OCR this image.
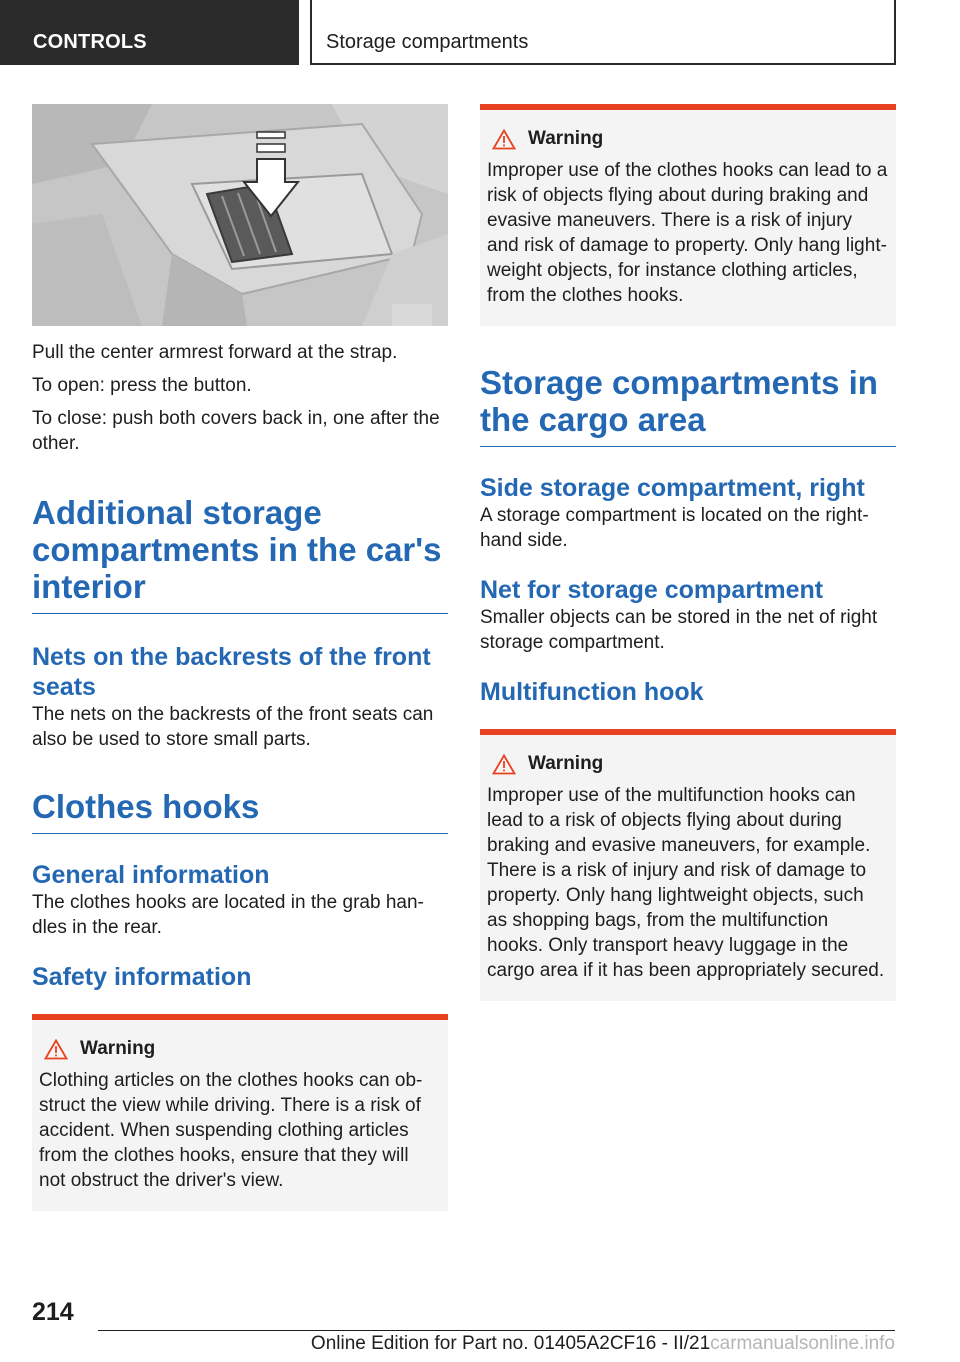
CONTROLS	Storage compartments

Pull the center armrest forward at the strap.

To open: press the button.

To close: push both covers back in, one after the other.

Additional storage compartments in the car's interior
Nets on the backrests of the front seats

The nets on the backrests of the front seats can also be used to store small parts.

Clothes hooks
General information

The clothes hooks are located in the grab han-dles in the rear.

Safety information
Warning

Clothing articles on the clothes hooks can ob-struct the view while driving. There is a risk of accident. When suspending clothing articles from the clothes hooks, ensure that they will not obstruct the driver's view.

Warning

Improper use of the clothes hooks can lead to a risk of objects flying about during braking and evasive maneuvers. There is a risk of injury and risk of damage to property. Only hang light-weight objects, for instance clothing articles, from the clothes hooks.

Storage compartments in the cargo area
Side storage compartment, right

A storage compartment is located on the right-hand side.

Net for storage compartment

Smaller objects can be stored in the net of right storage compartment.

Multifunction hook
Warning

Improper use of the multifunction hooks can lead to a risk of objects flying about during braking and evasive maneuvers, for example. There is a risk of injury and risk of damage to property. Only hang lightweight objects, such as shopping bags, from the multifunction hooks. Only transport heavy luggage in the cargo area if it has been appropriately secured.

214
Online Edition for Part no. 01405A2CF16 - II/21carmanualsonline.info
